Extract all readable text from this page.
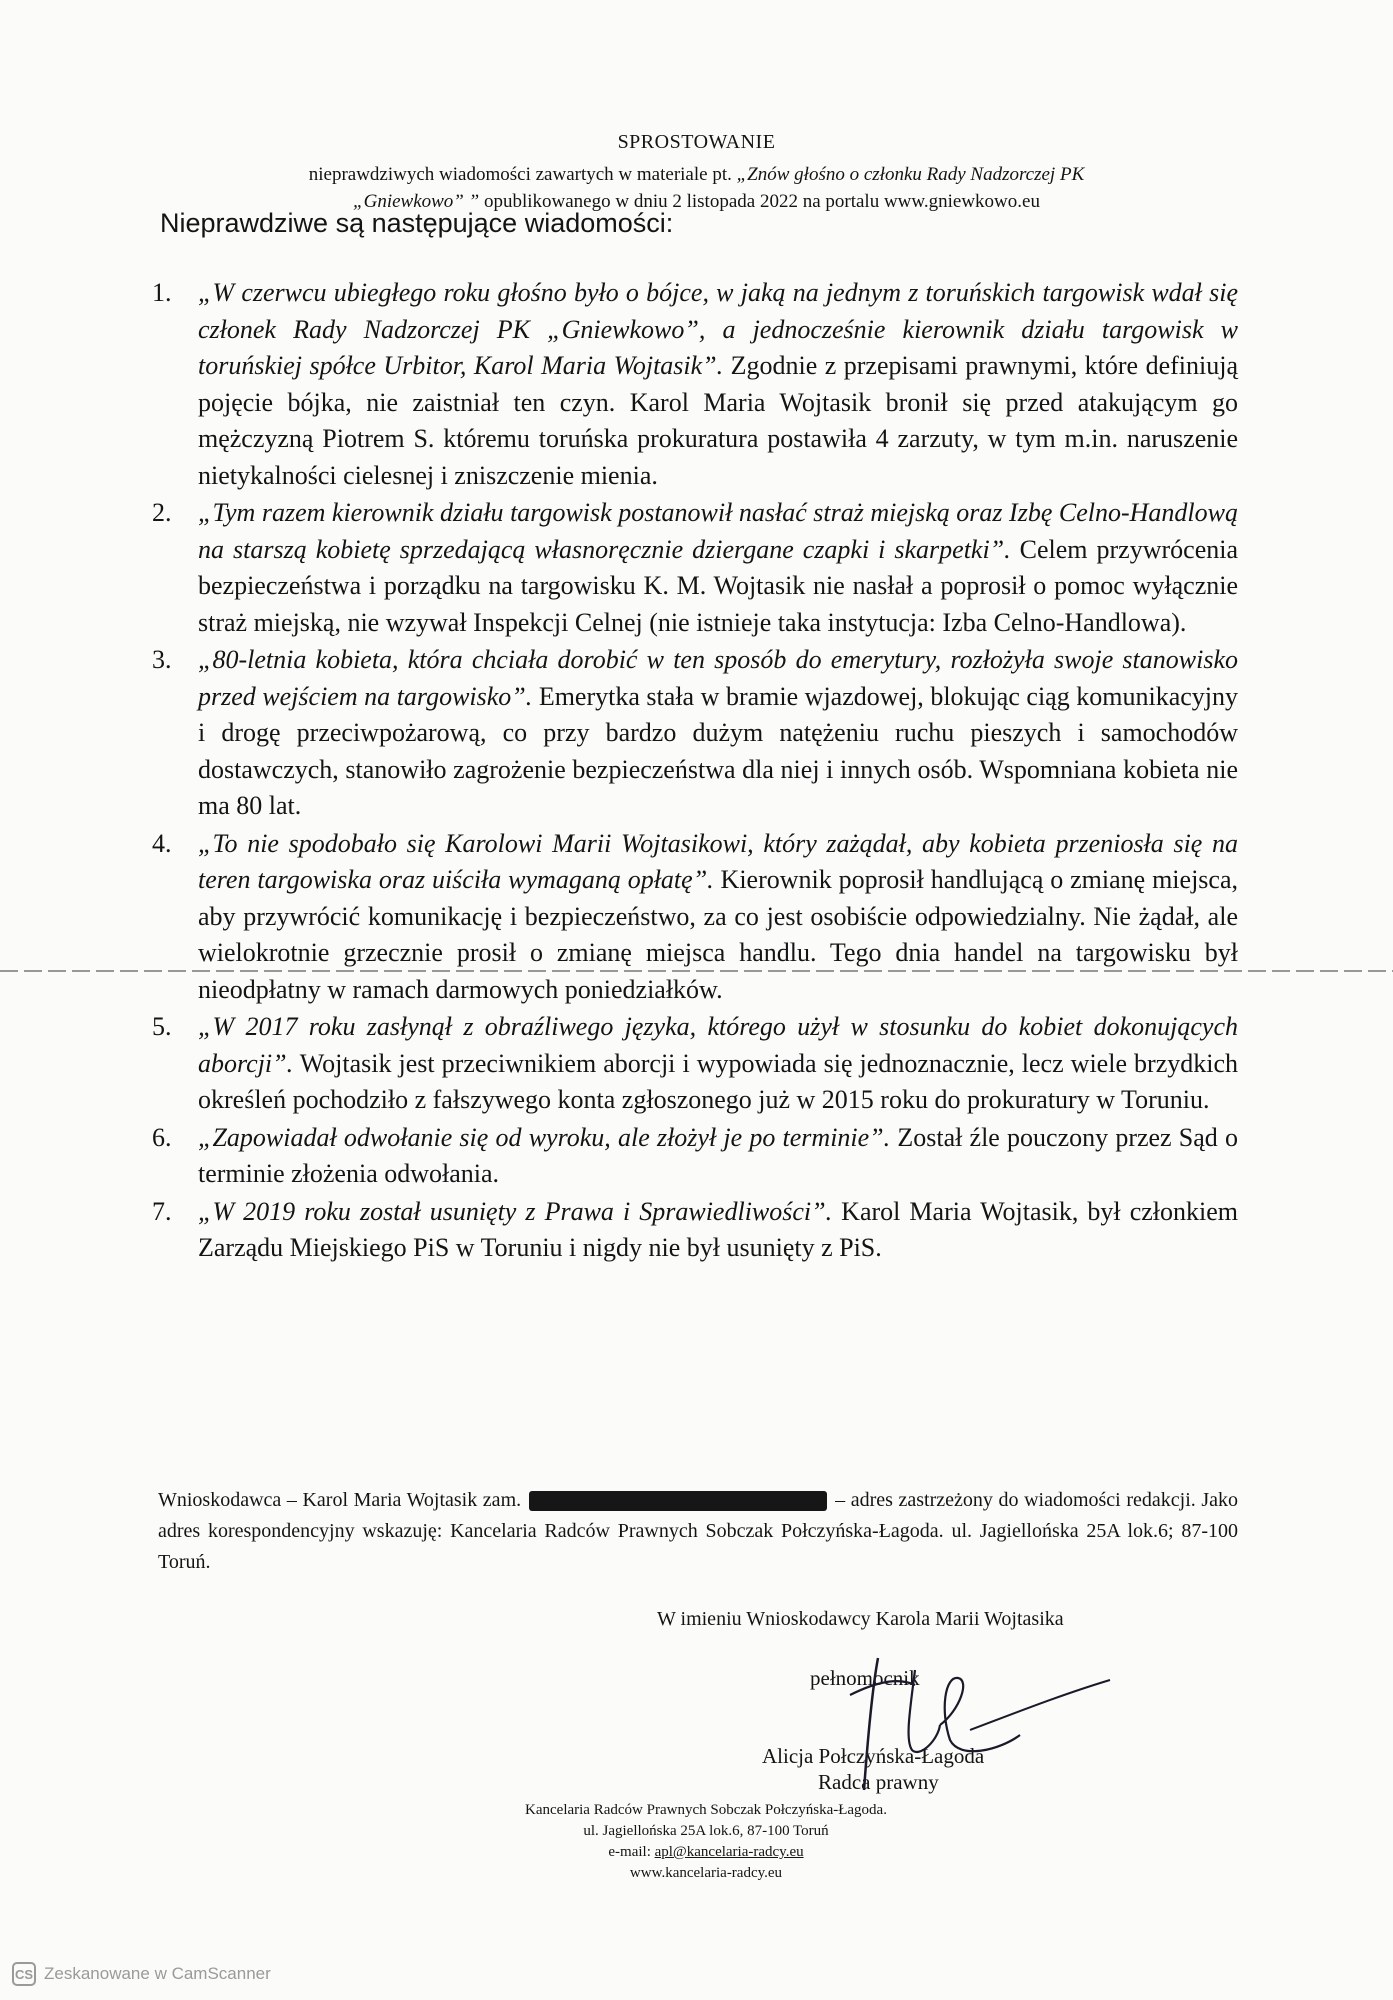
SPROSTOWANIE
nieprawdziwych wiadomości zawartych w materiale pt. „Znów głośno o członku Rady Nadzorczej PK
„Gniewkowo” ” opublikowanego w dniu 2 listopada 2022 na portalu www.gniewkowo.eu
Nieprawdziwe są następujące wiadomości:
1. „W czerwcu ubiegłego roku głośno było o bójce, w jaką na jednym z toruńskich targowisk wdał się członek Rady Nadzorczej PK „Gniewkowo”, a jednocześnie kierownik działu targowisk w toruńskiej spółce Urbitor, Karol Maria Wojtasik”. Zgodnie z przepisami prawnymi, które definiują pojęcie bójka, nie zaistniał ten czyn. Karol Maria Wojtasik bronił się przed atakującym go mężczyzną Piotrem S. któremu toruńska prokuratura postawiła 4 zarzuty, w tym m.in. naruszenie nietykalności cielesnej i zniszczenie mienia.
2. „Tym razem kierownik działu targowisk postanowił nasłać straż miejską oraz Izbę Celno-Handlową na starszą kobietę sprzedającą własnoręcznie dziergane czapki i skarpetki”. Celem przywrócenia bezpieczeństwa i porządku na targowisku K. M. Wojtasik nie nasłał a poprosił o pomoc wyłącznie straż miejską, nie wzywał Inspekcji Celnej (nie istnieje taka instytucja: Izba Celno-Handlowa).
3. „80-letnia kobieta, która chciała dorobić w ten sposób do emerytury, rozłożyła swoje stanowisko przed wejściem na targowisko”. Emerytka stała w bramie wjazdowej, blokując ciąg komunikacyjny i drogę przeciwpożarową, co przy bardzo dużym natężeniu ruchu pieszych i samochodów dostawczych, stanowiło zagrożenie bezpieczeństwa dla niej i innych osób. Wspomniana kobieta nie ma 80 lat.
4. „To nie spodobało się Karolowi Marii Wojtasikowi, który zażądał, aby kobieta przeniosła się na teren targowiska oraz uiściła wymaganą opłatę”. Kierownik poprosił handlującą o zmianę miejsca, aby przywrócić komunikację i bezpieczeństwo, za co jest osobiście odpowiedzialny. Nie żądał, ale wielokrotnie grzecznie prosił o zmianę miejsca handlu. Tego dnia handel na targowisku był nieodpłatny w ramach darmowych poniedziałków.
5. „W 2017 roku zasłynął z obraźliwego języka, którego użył w stosunku do kobiet dokonujących aborcji”. Wojtasik jest przeciwnikiem aborcji i wypowiada się jednoznacznie, lecz wiele brzydkich określeń pochodziło z fałszywego konta zgłoszonego już w 2015 roku do prokuratury w Toruniu.
6. „Zapowiadał odwołanie się od wyroku, ale złożył je po terminie”. Został źle pouczony przez Sąd o terminie złożenia odwołania.
7. „W 2019 roku został usunięty z Prawa i Sprawiedliwości”. Karol Maria Wojtasik, był członkiem Zarządu Miejskiego PiS w Toruniu i nigdy nie był usunięty z PiS.
Wnioskodawca – Karol Maria Wojtasik zam.	– adres zastrzeżony do wiadomości redakcji. Jako adres korespondencyjny wskazuję: Kancelaria Radców Prawnych Sobczak Połczyńska-Łagoda. ul. Jagiellońska 25A lok.6; 87-100 Toruń.
W imieniu Wnioskodawcy Karola Marii Wojtasika
pełnomocnik
Alicja Połczyńska-Łagoda
Radca prawny
Kancelaria Radców Prawnych Sobczak Połczyńska-Łagoda.
ul. Jagiellońska 25A lok.6, 87-100 Toruń
e-mail: apl@kancelaria-radcy.eu
www.kancelaria-radcy.eu
CS Zeskanowane w CamScanner
